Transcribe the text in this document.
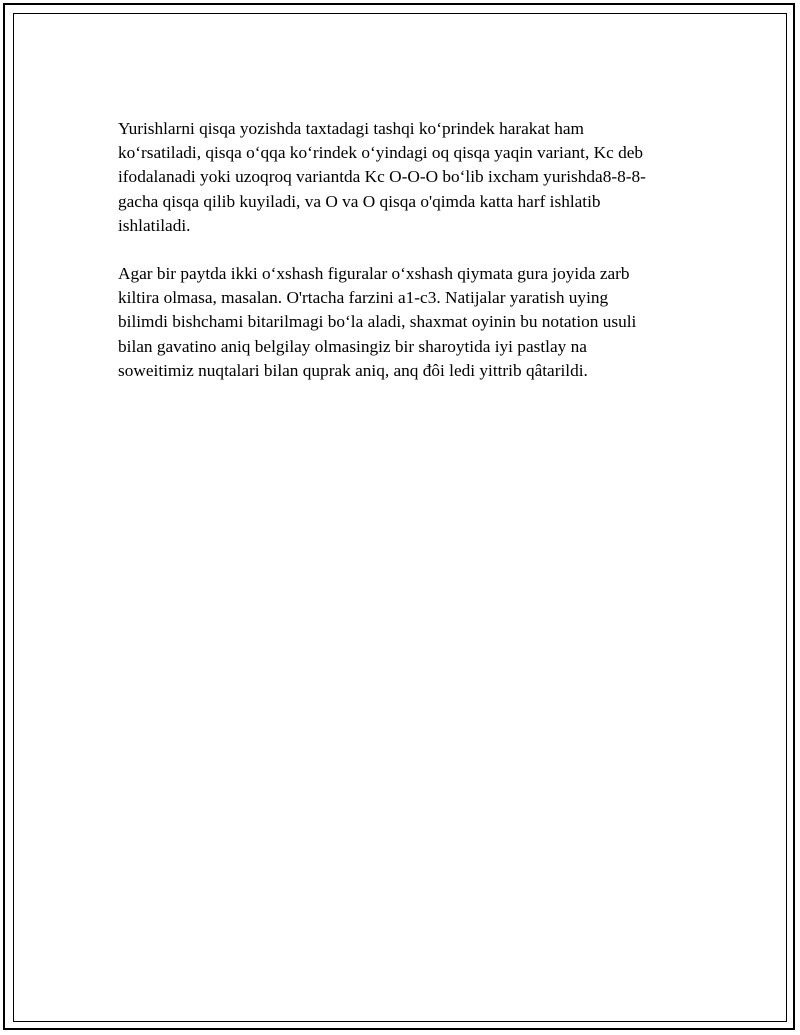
Yurishlarni qisqa yozishda taxtadagi tashqi ko‘prindek harakat ham
ko‘rsatiladi, qisqa o‘qqa ko‘rindek o‘yindagi oq qisqa yaqin variant, Kc deb
ifodalanadi yoki uzoqroq variantda Kc O-O-O bo‘lib ixcham yurishda8-8-8-
gacha qisqa qilib kuyiladi, va O va O qisqa o'qimda katta harf ishlatib
ishlatiladi.

Agar bir paytda ikki o‘xshash figuralar o‘xshash qiymata gura joyida zarb
kiltira olmasa, masalan. O'rtacha farzini a1-c3. Natijalar yaratish uying
bilimdi bishchami bitarilmagi bo‘la aladi, shaxmat oyinin bu notation usuli
bilan gavatino aniq belgilay olmasingiz bir sharoytida iyi pastlay na
soweitimiz nuqtalari bilan quprak aniq, anq đôi ledi yittrib qâtarildi.
